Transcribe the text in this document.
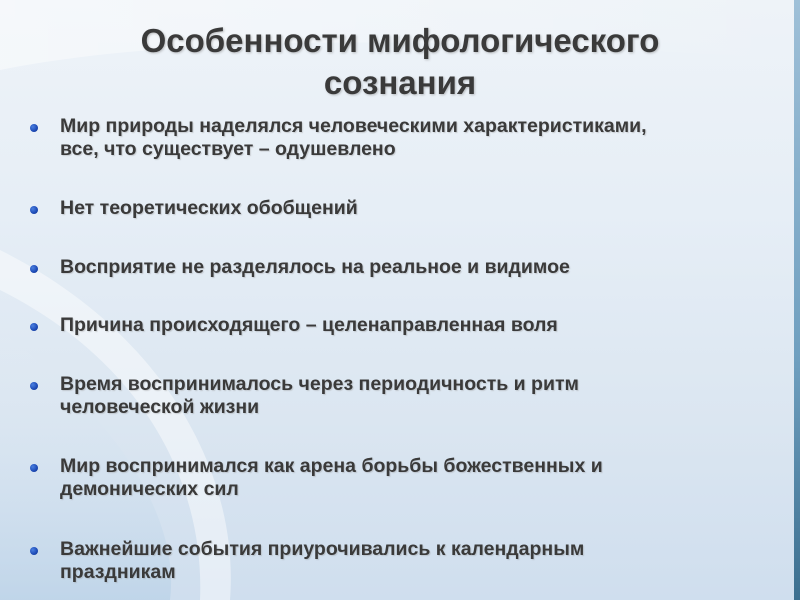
Особенности мифологического
сознания
Мир природы наделялся человеческими характеристиками,
все, что существует – одушевлено
Нет теоретических обобщений
Восприятие не разделялось на реальное и видимое
Причина происходящего – целенаправленная воля
Время воспринималось через периодичность и ритм
человеческой жизни
Мир воспринимался как арена борьбы божественных и
демонических сил
Важнейшие события приурочивались к календарным
праздникам
